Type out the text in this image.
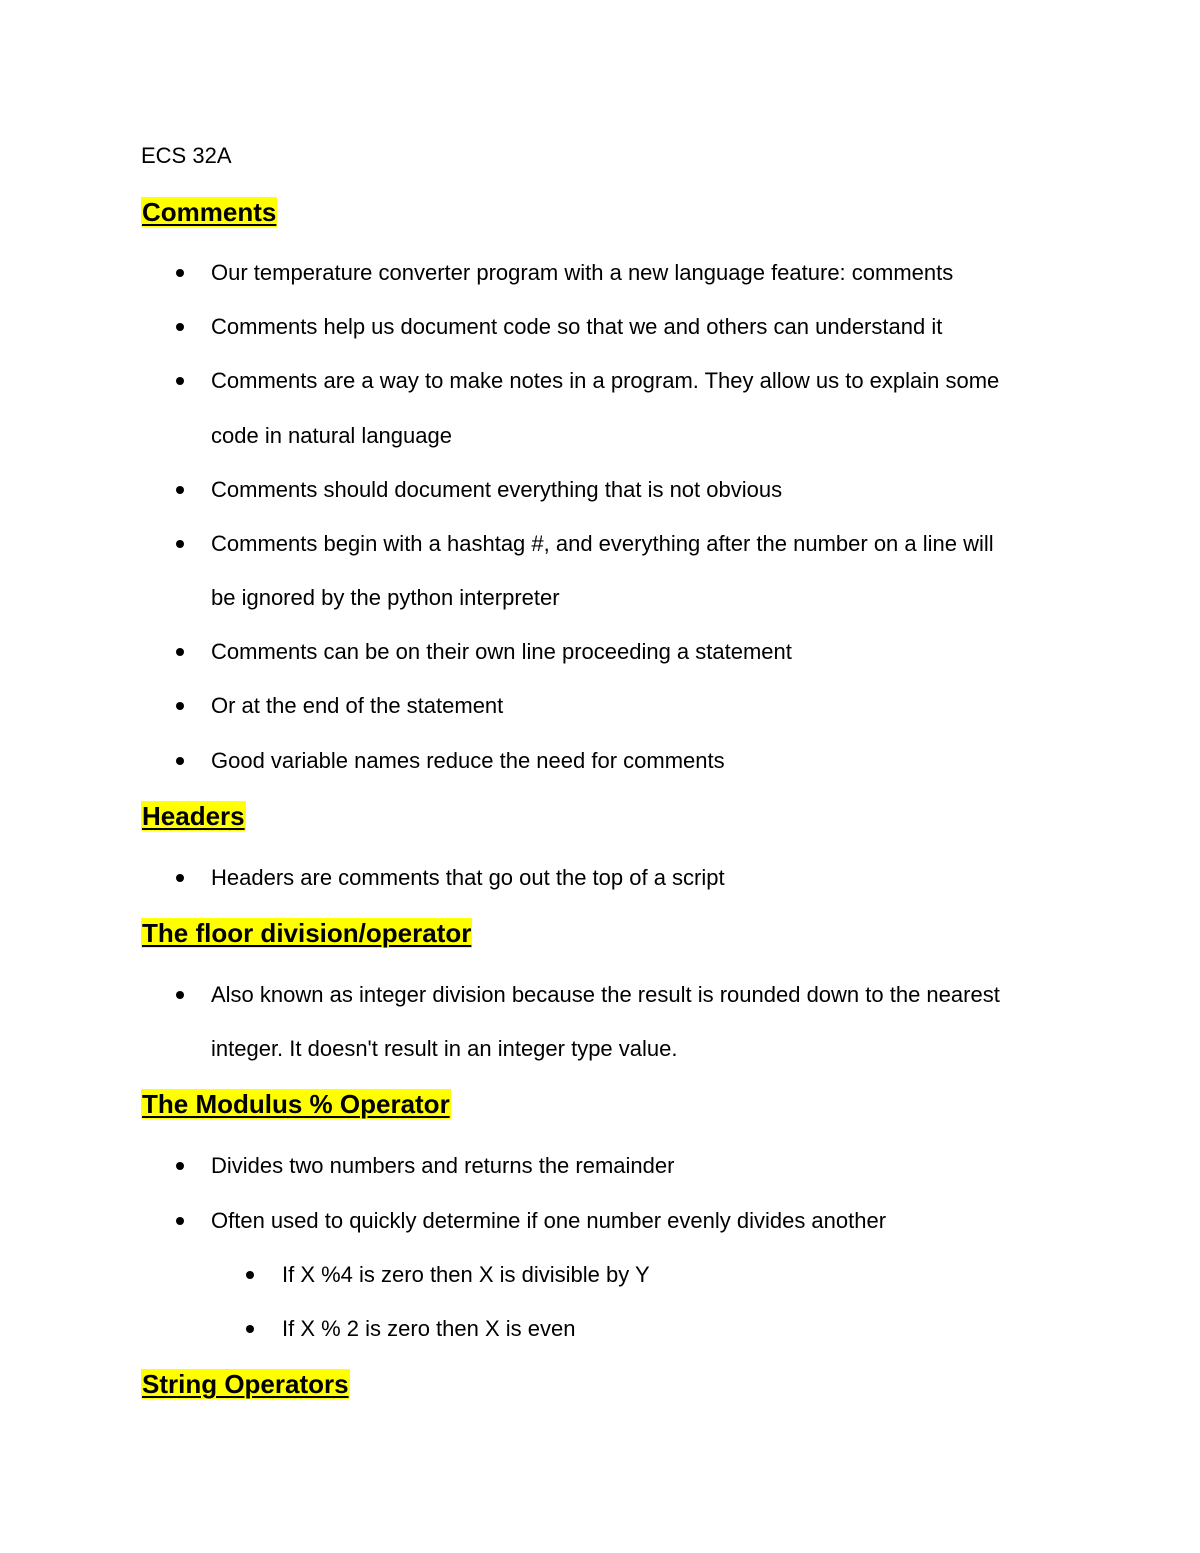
ECS 32A
Comments
Our temperature converter program with a new language feature: comments
Comments help us document code so that we and others can understand it
Comments are a way to make notes in a program. They allow us to explain some
code in natural language
Comments should document everything that is not obvious
Comments begin with a hashtag #, and everything after the number on a line will
be ignored by the python interpreter
Comments can be on their own line proceeding a statement
Or at the end of the statement
Good variable names reduce the need for comments
Headers
Headers are comments that go out the top of a script
The floor division/operator
Also known as integer division because the result is rounded down to the nearest
integer. It doesn't result in an integer type value.
The Modulus % Operator
Divides two numbers and returns the remainder
Often used to quickly determine if one number evenly divides another
If X %4 is zero then X is divisible by Y
If X % 2 is zero then X is even
String Operators
